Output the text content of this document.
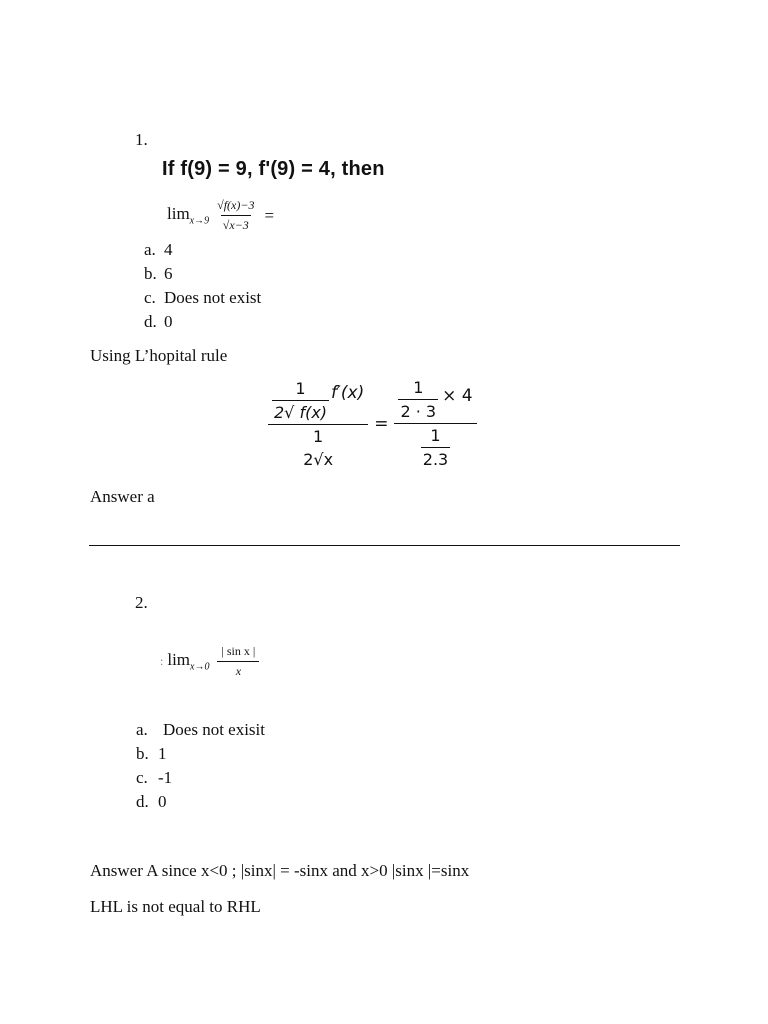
1.
If f(9) = 9, f'(9) = 4, then
$\lim_{x\to 9} \frac{√f(x)-3}{√x-3}$ =
a. 4
b. 6
c. Does not exist
d. 0
Using L’hopital rule
$\frac{1}{2√ f(x)} f'(x)$
1
$2√x = \frac{\frac{1}{2 \cdot 3} \times 4}{\frac{1}{2.3}}$
Answer a
2.
: $\lim_{x\to 0} \frac{\text{| sin x |}}{x}$
a. Does not exisit
b. 1
c. -1
d. 0
Answer A since x<0 ; |sinx| = -sinx and x>0 |sinx |=sinx
LHL is not equal to RHL
